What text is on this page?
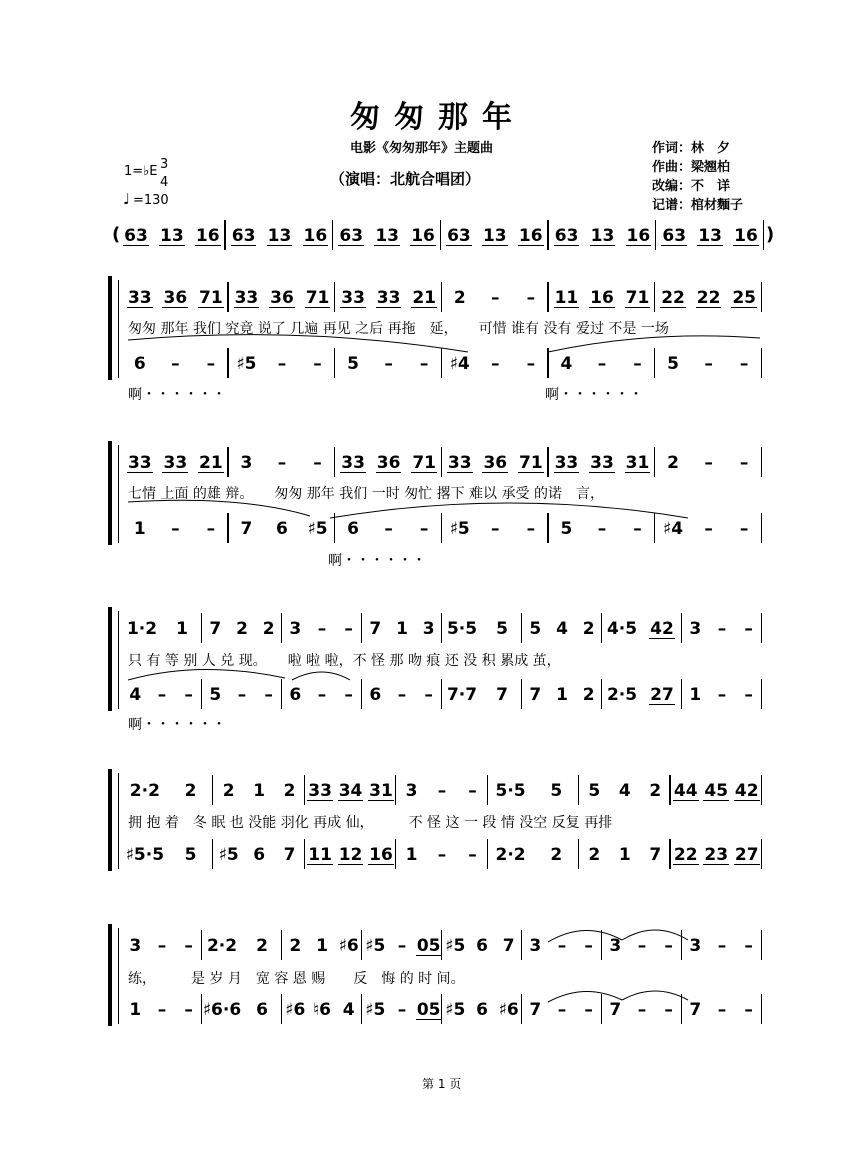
匆匆那年
电影《匆匆那年》主题曲
（演唱：北航合唱团）
作词：林　夕
作曲：梁翘柏
改编：不　详
记谱：棺材麵子
1=♭E 3
4
♩ =130
(	)
33 36 71 33 36 71 33 33 21	2	–	–	11 16 71 22 22 25
6	–	–	♯5	–	–	5	–	–	♯4	–	–	4	–	–	5	–	–
33 33 21	3	–	–	33 36 71 33 36 71 33 33 31	2	–	–
1	–	–	7	6	♯5	6	–	–	♯5	–	–	5	–	–	♯4	–	–
1·2	1	7 2 2 3 –	– 7 1 3 5·5	5	5 4 2 4·5 42 3 –	–
4 –	– 5 –	– 6 –	– 6 –	– 7·7	7	7 1 2 2·5 27 1 –	–
2·2	2	2	1	2 33 34 31 3	–	–	5·5	5	5	4	2 44 45 42
♯5·5	5	♯5 6	7 11 12 16 1	–	–	2·2	2	2	1	7 22 23 27
3 –	– 2·2	2	2 1 ♯6 ♯5 – 05 ♯5 6 7 3 –	– 3 –	– 3 –	–
1 –	– ♯6·6 6	♯6 ♮6 4 ♯5 – 05 ♯5 6 ♯6 7 –	– 7 –	– 7 –	–
匆匆 那年 我们 究竟 说了 几遍 再见 之后 再拖　延，　　可惜 谁有 没有 爱过 不是 一场
啊・・・・・・	啊・・・・・・
七情 上面 的雄 辩。　　匆匆 那年 我们 一时 匆忙 撂下 难以 承受 的诺　言，
啊・・・・・・
只 有 等 别 人 兑 现。　　啦 啦 啦，不 怪 那 吻 痕 还 没 积 累成 茧，
啊・・・・・・
拥 抱 着　冬 眠 也 没能 羽化 再成 仙，　　　不 怪 这 一 段 情 没空 反复 再排
练，　　　是 岁 月　宽 容 恩 赐　　反　悔 的 时 间。
第 1 页
63 13 16 63 13 16 63 13 16 63 13 16 63 13 16 63 13 16
